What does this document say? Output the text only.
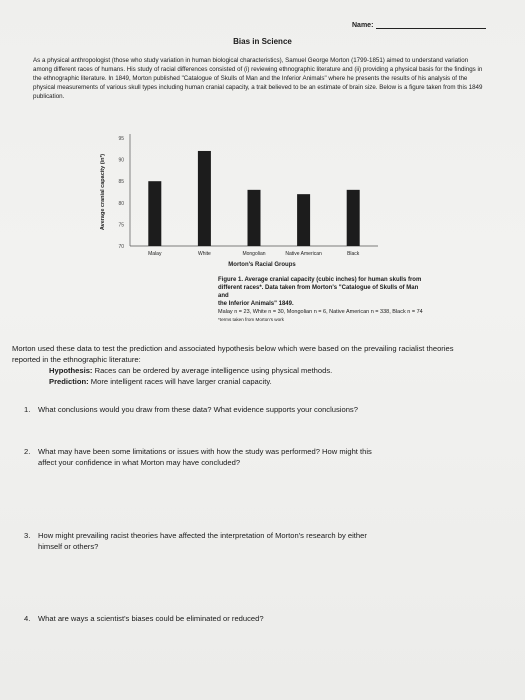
Name:
Bias in Science
As a physical anthropologist (those who study variation in human biological characteristics), Samuel George Morton (1799-1851) aimed to understand variation among different races of humans. His study of racial differences consisted of (i) reviewing ethnographic literature and (ii) providing a physical basis for the findings in the ethnographic literature. In 1849, Morton published "Catalogue of Skulls of Man and the Inferior Animals" where he presents the results of his analysis of the physical measurements of various skull types including human cranial capacity, a trait believed to be an estimate of brain size. Below is a figure taken from this 1849 publication.
70
75
80
85
90
95
Malay	White	Mongolian	Native American	Black
Average cranial capacity (in³)
Morton's Racial Groups
Figure 1. Average cranial capacity (cubic inches) for human skulls from
different races*. Data taken from Morton's "Catalogue of Skulls of Man and
the Inferior Animals" 1849.
Malay n = 23, White n = 30, Mongolian n = 6, Native American n = 338, Black n = 74
*terms taken from Morton's work
Morton used these data to test the prediction and associated hypothesis below which were based on the prevailing racialist theories reported in the ethnographic literature:
Hypothesis: Races can be ordered by average intelligence using physical methods.
Prediction: More intelligent races will have larger cranial capacity.
1. What conclusions would you draw from these data? What evidence supports your conclusions?
2. What may have been some limitations or issues with how the study was performed? How might this
affect your confidence in what Morton may have concluded?
3. How might prevailing racist theories have affected the interpretation of Morton's research by either
himself or others?
4. What are ways a scientist's biases could be eliminated or reduced?
